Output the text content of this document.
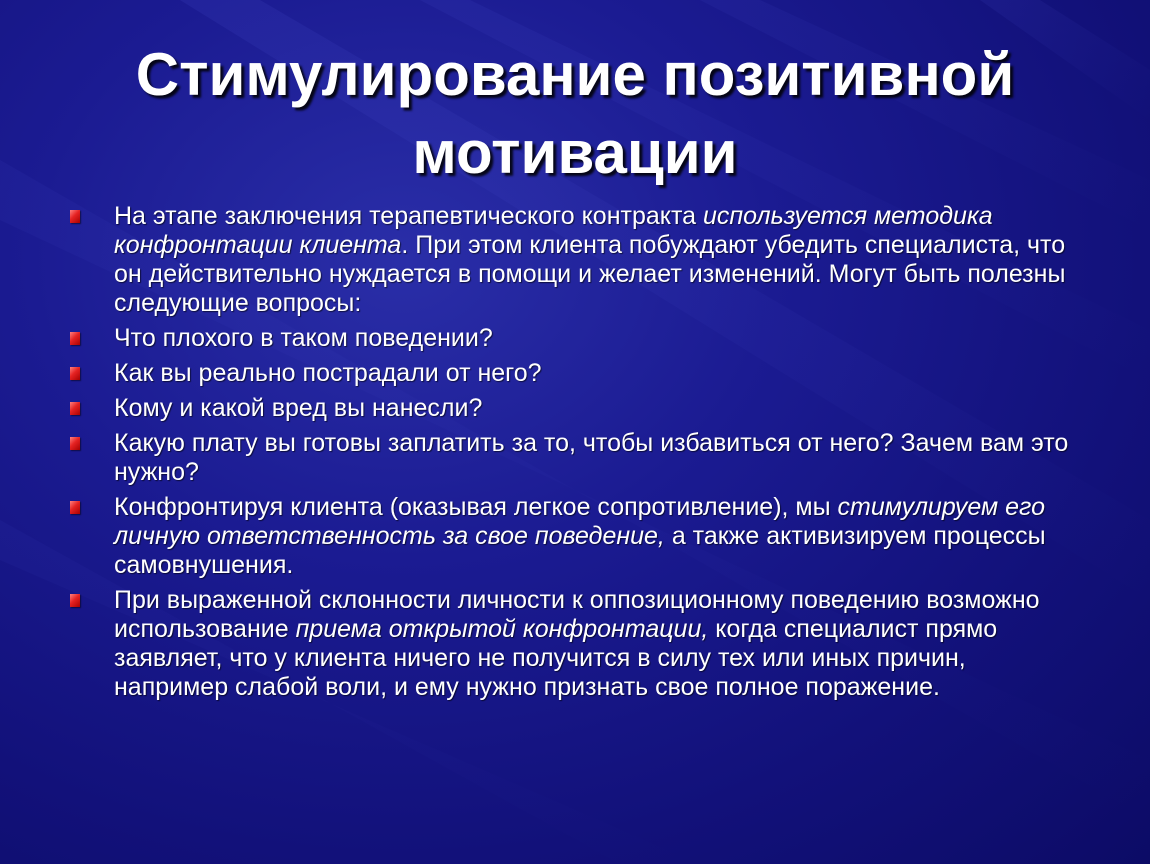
Стимулирование позитивной
мотивации
На этапе заключения терапевтического контракта используется методика конфронтации клиента. При этом клиента побуждают убедить специалиста, что он действительно нуждается в помощи и желает изменений. Могут быть полезны следующие вопросы:
Что плохого в таком поведении?
Как вы реально пострадали от него?
Кому и какой вред вы нанесли?
Какую плату вы готовы заплатить за то, чтобы избавиться от него? Зачем вам это нужно?
Конфронтируя клиента (оказывая легкое сопротивление), мы стимулируем его личную ответственность за свое поведение, а также активизируем процессы самовнушения.
При выраженной склонности личности к оппозиционному поведению возможно использование приема открытой конфронтации, когда специалист прямо заявляет, что у клиента ничего не получится в силу тех или иных причин, например слабой воли, и ему нужно признать свое полное поражение.
